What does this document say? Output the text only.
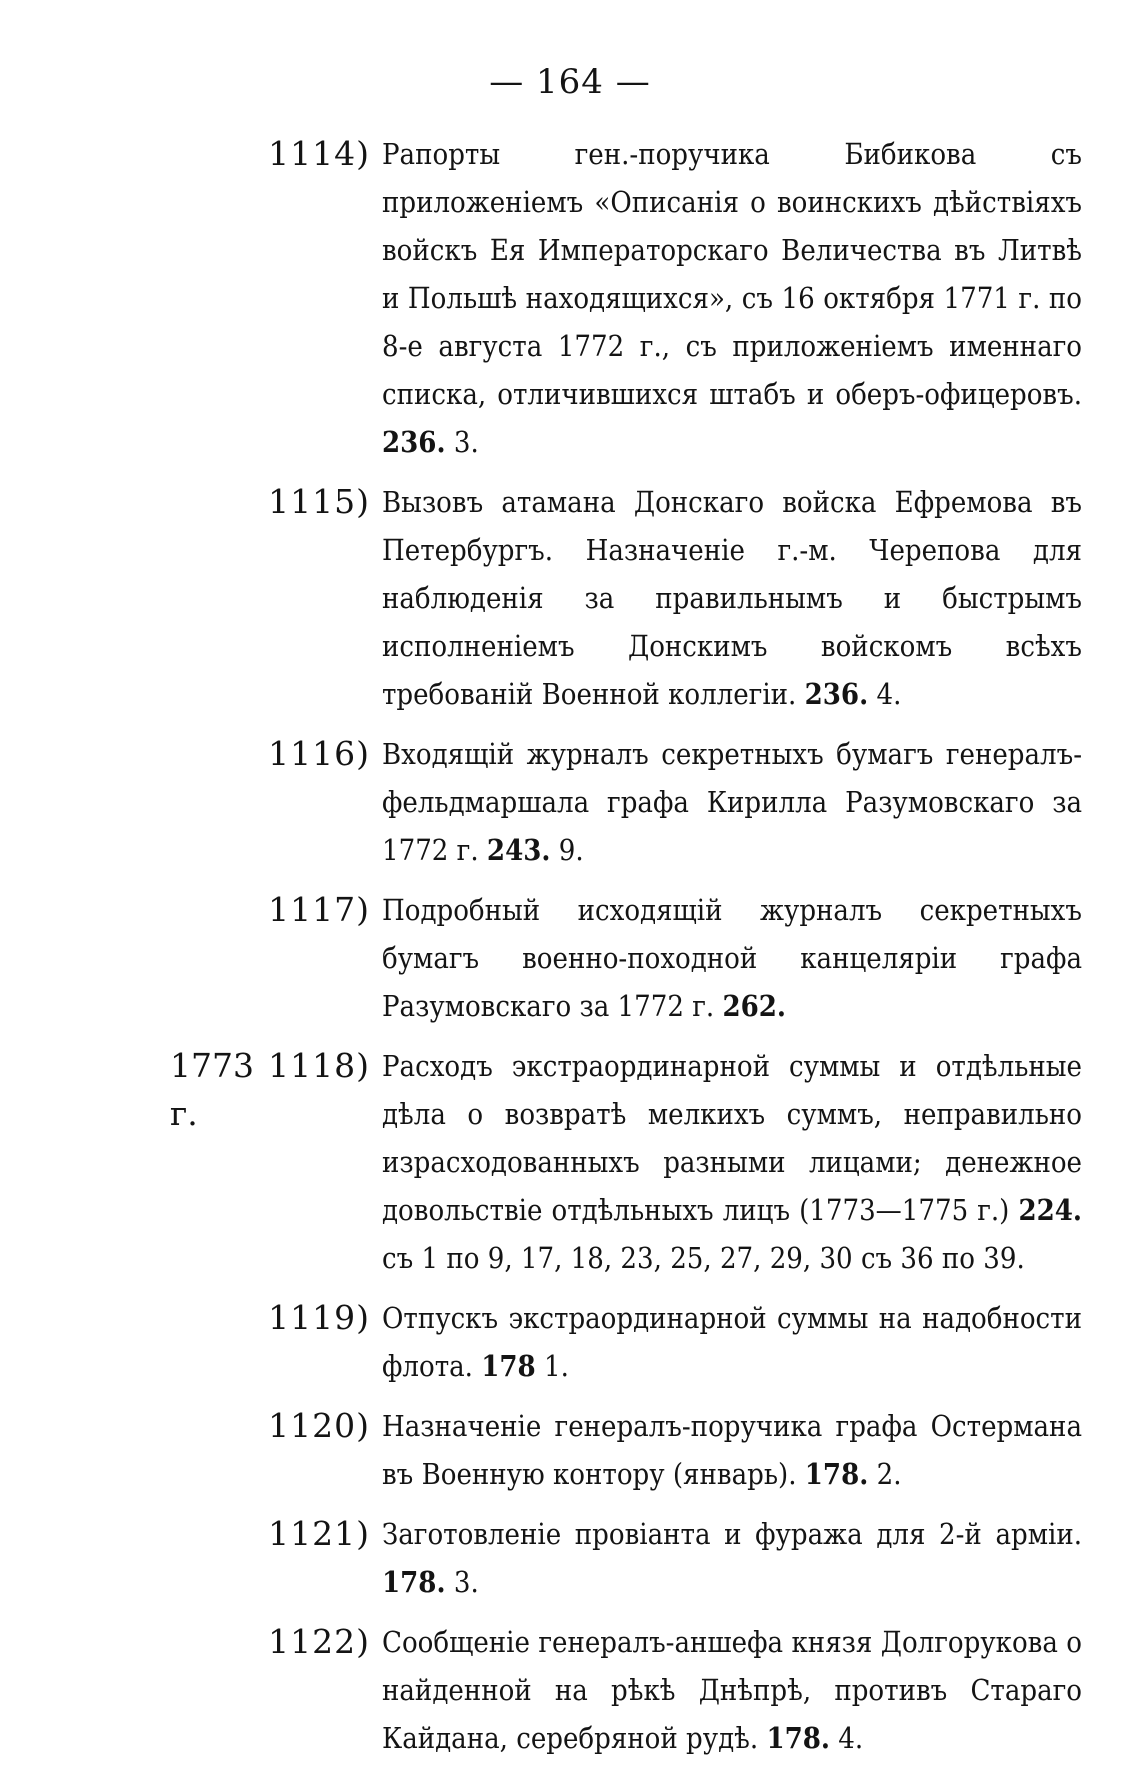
— 164 —
1114) Рапорты ген.-поручика Бибикова съ приложеніемъ «Описанія о воинскихъ дѣйствіяхъ войскъ Ея Императорскаго Величества въ Литвѣ и Польшѣ находящихся», съ 16 октября 1771 г. по 8-е августа 1772 г., съ приложеніемъ именнаго списка, отличившихся штабъ и оберъ-офицеровъ. 236. 3.
1115) Вызовъ атамана Донскаго войска Ефремова въ Петербургъ. Назначеніе г.-м. Черепова для наблюденія за правильнымъ и быстрымъ исполненіемъ Донскимъ войскомъ всѣхъ требованій Военной коллегіи. 236. 4.
1116) Входящій журналъ секретныхъ бумагъ генералъ-фельдмаршала графа Кирилла Разумовскаго за 1772 г. 243. 9.
1117) Подробный исходящій журналъ секретныхъ бумагъ военно-походной канцеляріи графа Разумовскаго за 1772 г. 262.
1773 г.
1118) Расходъ экстраординарной суммы и отдѣльные дѣла о возвратѣ мелкихъ суммъ, неправильно израсходованныхъ разными лицами; денежное довольствіе отдѣльныхъ лицъ (1773—1775 г.) 224. съ 1 по 9, 17, 18, 23, 25, 27, 29, 30 съ 36 по 39.
1119) Отпускъ экстраординарной суммы на надобности флота. 178 1.
1120) Назначеніе генералъ-поручика графа Остермана въ Военную контору (январь). 178. 2.
1121) Заготовленіе провіанта и фуража для 2-й арміи. 178. 3.
1122) Сообщеніе генералъ-аншефа князя Долгорукова о найденной на рѣкѣ Днѣпрѣ, противъ Стараго Кайдана, серебряной рудѣ. 178. 4.
